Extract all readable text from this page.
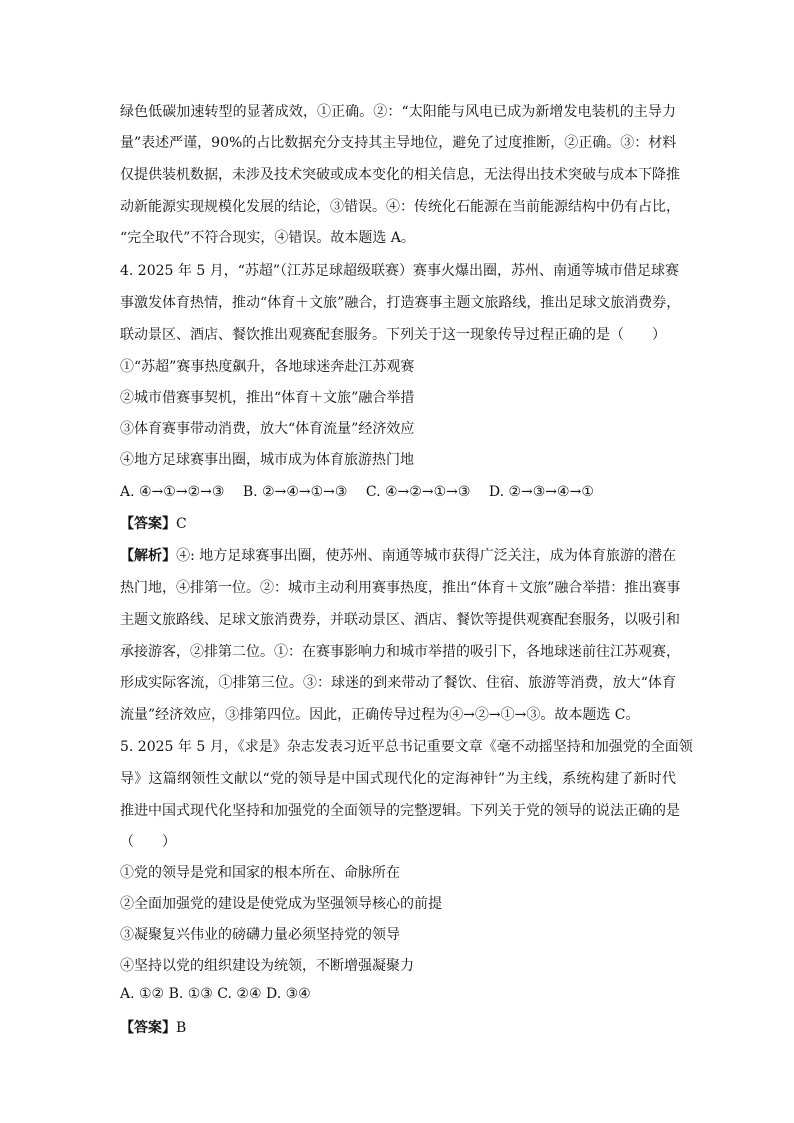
绿色低碳加速转型的显著成效，①正确。②：“太阳能与风电已成为新增发电装机的主导力
量”表述严谨，90%的占比数据充分支持其主导地位，避免了过度推断，②正确。③：材料
仅提供装机数据，未涉及技术突破或成本变化的相关信息，无法得出技术突破与成本下降推
动新能源实现规模化发展的结论，③错误。④：传统化石能源在当前能源结构中仍有占比，
“完全取代”不符合现实，④错误。故本题选 A。
4. 2025 年 5 月，“苏超”（江苏足球超级联赛）赛事火爆出圈，苏州、南通等城市借足球赛
事激发体育热情，推动“体育＋文旅”融合，打造赛事主题文旅路线，推出足球文旅消费券，
联动景区、酒店、餐饮推出观赛配套服务。下列关于这一现象传导过程正确的是（　　）
①“苏超”赛事热度飙升，各地球迷奔赴江苏观赛
②城市借赛事契机，推出“体育＋文旅”融合举措
③体育赛事带动消费，放大“体育流量”经济效应
④地方足球赛事出圈，城市成为体育旅游热门地
A. ④→①→②→③　 B. ②→④→①→③　 C. ④→②→①→③　 D. ②→③→④→①
【答案】C
【解析】④: 地方足球赛事出圈，使苏州、南通等城市获得广泛关注，成为体育旅游的潜在
热门地，④排第一位。②：城市主动利用赛事热度，推出“体育＋文旅”融合举措：推出赛事
主题文旅路线、足球文旅消费券，并联动景区、酒店、餐饮等提供观赛配套服务，以吸引和
承接游客，②排第二位。①：在赛事影响力和城市举措的吸引下，各地球迷前往江苏观赛，
形成实际客流，①排第三位。③：球迷的到来带动了餐饮、住宿、旅游等消费，放大“体育
流量”经济效应，③排第四位。因此，正确传导过程为④→②→①→③。故本题选 C。
5. 2025 年 5 月，《求是》杂志发表习近平总书记重要文章《毫不动摇坚持和加强党的全面领
导》这篇纲领性文献以“党的领导是中国式现代化的定海神针”为主线，系统构建了新时代
推进中国式现代化坚持和加强党的全面领导的完整逻辑。下列关于党的领导的说法正确的是
（　　）
①党的领导是党和国家的根本所在、命脉所在
②全面加强党的建设是使党成为坚强领导核心的前提
③凝聚复兴伟业的磅礴力量必须坚持党的领导
④坚持以党的组织建设为统领，不断增强凝聚力
A. ①② B. ①③ C. ②④ D. ③④
【答案】B
